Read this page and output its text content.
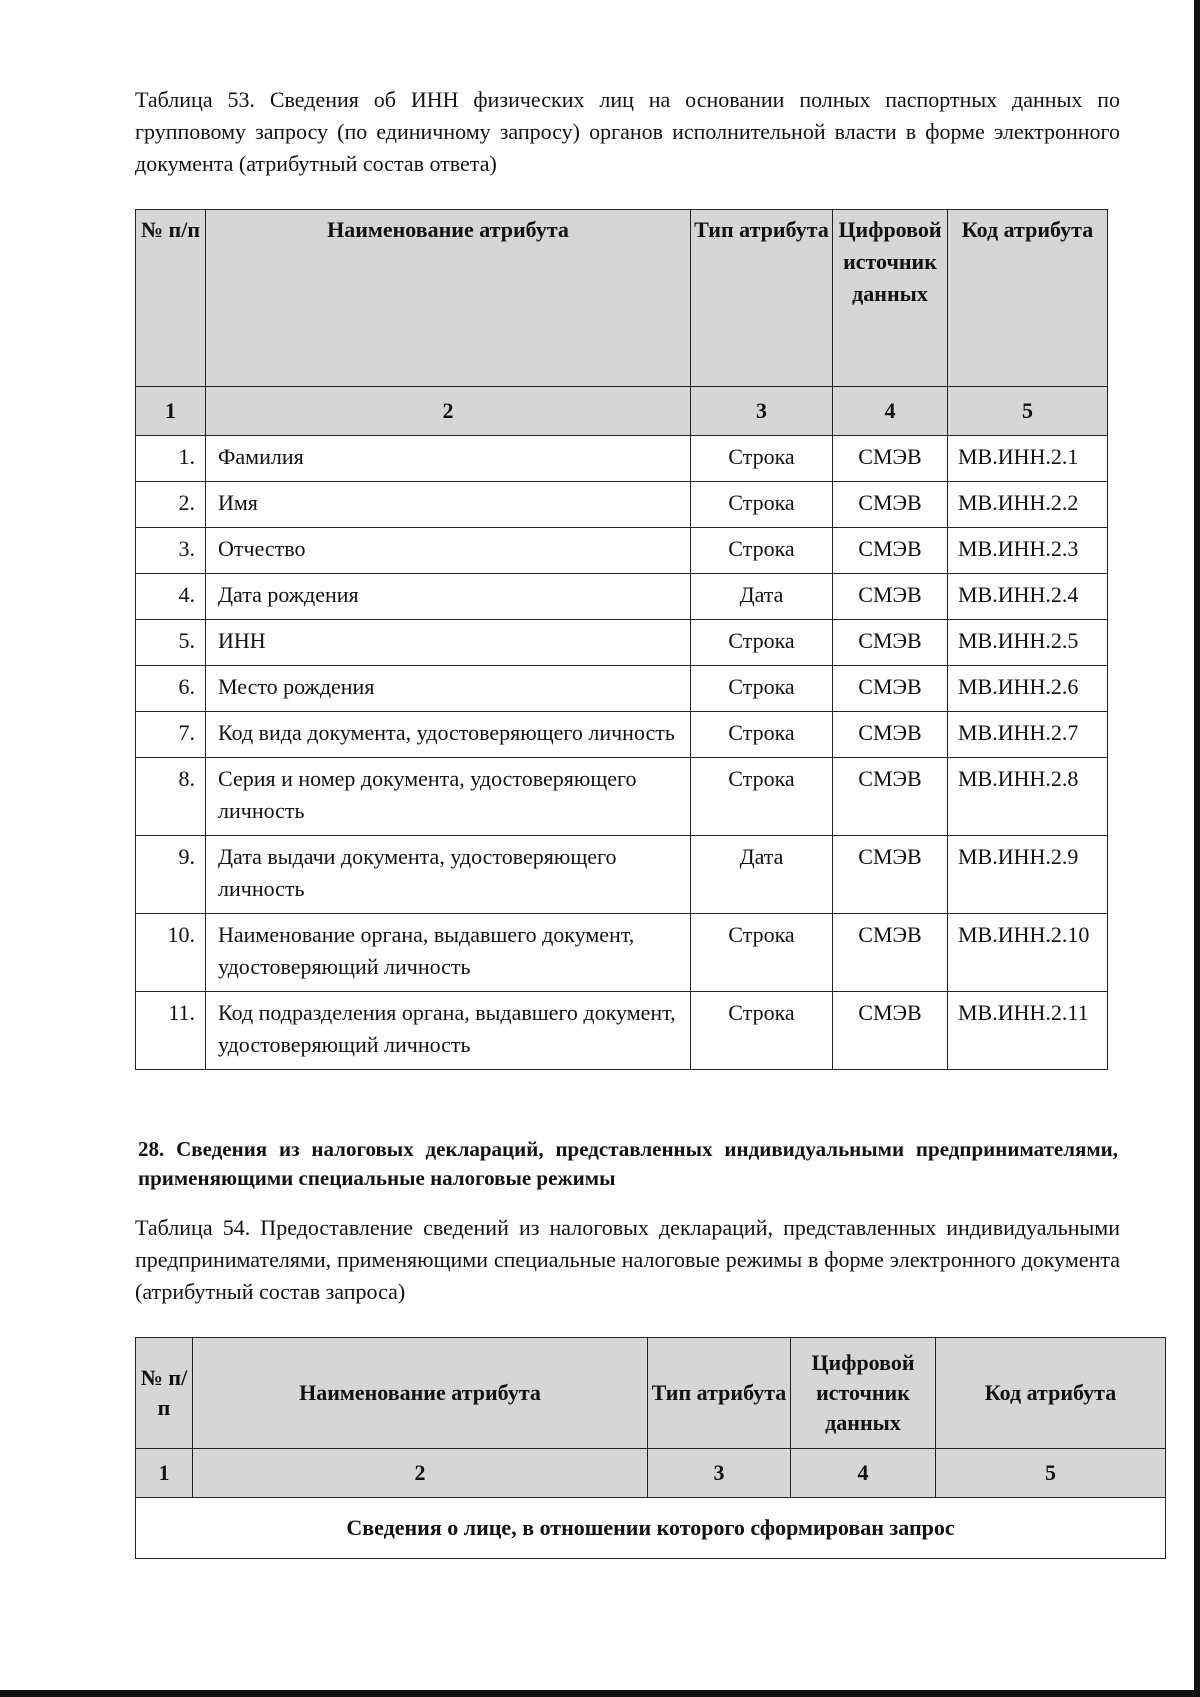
Таблица 53. Сведения об ИНН физических лиц на основании полных паспортных данных по групповому запросу (по единичному запросу) органов исполнительной власти в форме электронного документа (атрибутный состав ответа)

№ п/п	Наименование атрибута	Тип атрибута	Цифровой источник данных	Код атрибута
1	2	3	4	5
1.	Фамилия	Строка	СМЭВ	МВ.ИНН.2.1
2.	Имя	Строка	СМЭВ	МВ.ИНН.2.2
3.	Отчество	Строка	СМЭВ	МВ.ИНН.2.3
4.	Дата рождения	Дата	СМЭВ	МВ.ИНН.2.4
5.	ИНН	Строка	СМЭВ	МВ.ИНН.2.5
6.	Место рождения	Строка	СМЭВ	МВ.ИНН.2.6
7.	Код вида документа, удостоверяющего личность	Строка	СМЭВ	МВ.ИНН.2.7
8.	Серия и номер документа, удостоверяющего личность	Строка	СМЭВ	МВ.ИНН.2.8
9.	Дата выдачи документа, удостоверяющего личность	Дата	СМЭВ	МВ.ИНН.2.9
10.	Наименование органа, выдавшего документ, удостоверяющий личность	Строка	СМЭВ	МВ.ИНН.2.10
11.	Код подразделения органа, выдавшего документ, удостоверяющий личность	Строка	СМЭВ	МВ.ИНН.2.11

28. Сведения из налоговых деклараций, представленных индивидуальными предпринимателями, применяющими специальные налоговые режимы

Таблица 54. Предоставление сведений из налоговых деклараций, представленных индивидуальными предпринимателями, применяющими специальные налоговые режимы в форме электронного документа (атрибутный состав запроса)

№ п/п	Наименование атрибута	Тип атрибута	Цифровой источник данных	Код атрибута
1	2	3	4	5
Сведения о лице, в отношении которого сформирован запрос				
